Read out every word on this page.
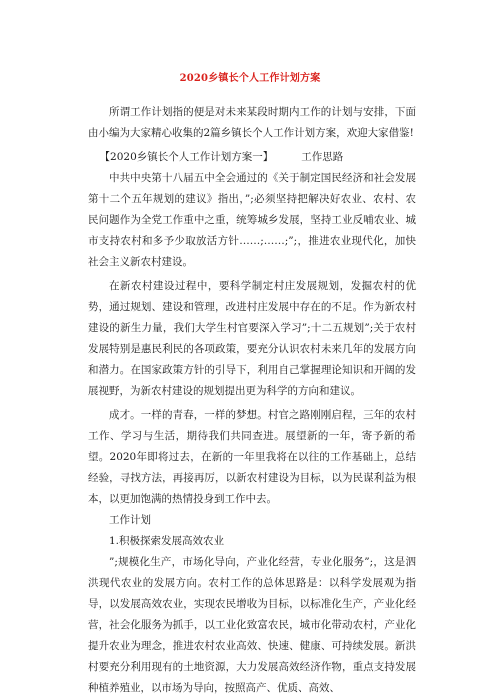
2020乡镇长个人工作计划方案

所谓工作计划指的便是对未来某段时期内工作的计划与安排，下面由小编为大家精心收集的2篇乡镇长个人工作计划方案，欢迎大家借鉴!

【2020乡镇长个人工作计划方案一】	工作思路

中共中央第十八届五中全会通过的《关于制定国民经济和社会发展第十二个五年规划的建议》指出，”;必须坚持把解决好农业、农村、农民问题作为全党工作重中之重，统筹城乡发展，坚持工业反哺农业、城市支持农村和多予少取放活方针……;……;”;，推进农业现代化，加快社会主义新农村建设。

在新农村建设过程中，要科学制定村庄发展规划，发掘农村的优势，通过规划、建设和管理，改进村庄发展中存在的不足。作为新农村建设的新生力量，我们大学生村官要深入学习”;十二五规划”;关于农村发展特别是惠民利民的各项政策，要充分认识农村未来几年的发展方向和潜力。在国家政策方针的引导下，利用自己掌握理论知识和开阔的发展视野，为新农村建设的规划提出更为科学的方向和建议。

成才。一样的青春，一样的梦想。村官之路刚刚启程，三年的农村工作、学习与生活，期待我们共同查进。展望新的一年，寄予新的希望。2020年即将过去，在新的一年里我将在以往的工作基础上，总结经验，寻找方法，再接再厉，以新农村建设为目标，以为民谋利益为根本，以更加饱满的热情投身到工作中去。

工作计划

1.积极探索发展高效农业

”;规模化生产，市场化导向，产业化经营，专业化服务”;，这是泗洪现代农业的发展方向。农村工作的总体思路是：以科学发展观为指导，以发展高效农业，实现农民增收为目标，以标准化生产，产业化经营，社会化服务为抓手，以工业化致富农民，城市化带动农村，产业化提升农业为理念，推进农村农业高效、快速、健康、可持续发展。新洪村要充分利用现有的土地资源，大力发展高效经济作物，重点支持发展种植养殖业，以市场为导向，按照高产、优质、高效、
